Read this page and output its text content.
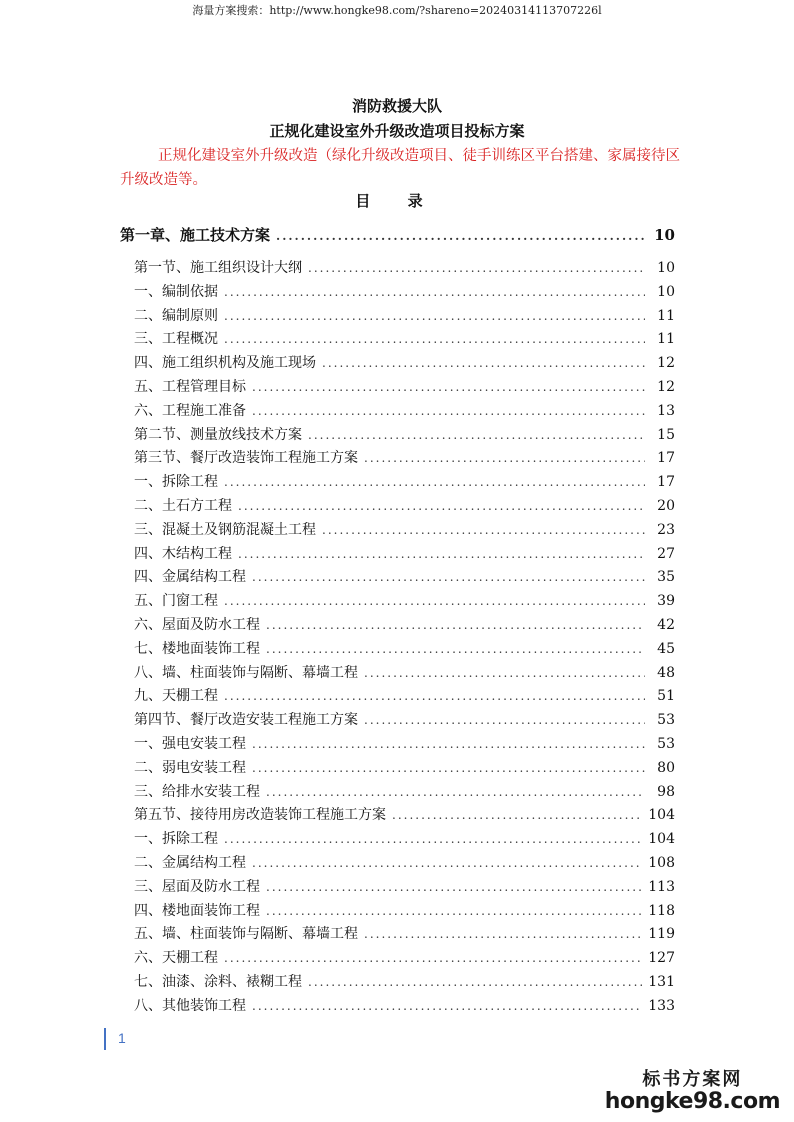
海量方案搜索：http://www.hongke98.com/?shareno=20240314113707226l
消防救援大队
正规化建设室外升级改造项目投标方案

正规化建设室外升级改造（绿化升级改造项目、徒手训练区平台搭建、家属接待区升级改造等。

目 录
第一章、施工技术方案 .....	10
第一节、施工组织设计大纲 .....	10
一、编制依据 .....	10
二、编制原则 .....	11
三、工程概况 .....	11
四、施工组织机构及施工现场 .....	12
五、工程管理目标 .....	12
六、工程施工准备 .....	13
第二节、测量放线技术方案 .....	15
第三节、餐厅改造装饰工程施工方案 .....	17
一、拆除工程 .....	17
二、土石方工程 .....	20
三、混凝土及钢筋混凝土工程 .....	23
四、木结构工程 .....	27
四、金属结构工程 .....	35
五、门窗工程 .....	39
六、屋面及防水工程 .....	42
七、楼地面装饰工程 .....	45
八、墙、柱面装饰与隔断、幕墙工程 .....	48
九、天棚工程 .....	51
第四节、餐厅改造安装工程施工方案 .....	53
一、强电安装工程 .....	53
二、弱电安装工程 .....	80
三、给排水安装工程 .....	98
第五节、接待用房改造装饰工程施工方案 .....	104
一、拆除工程 .....	104
二、金属结构工程 .....	108
三、屋面及防水工程 .....	113
四、楼地面装饰工程 .....	118
五、墙、柱面装饰与隔断、幕墙工程 .....	119
六、天棚工程 .....	127
七、油漆、涂料、裱糊工程 .....	131
八、其他装饰工程 .....	133
1
标书方案网
hongke98.com
